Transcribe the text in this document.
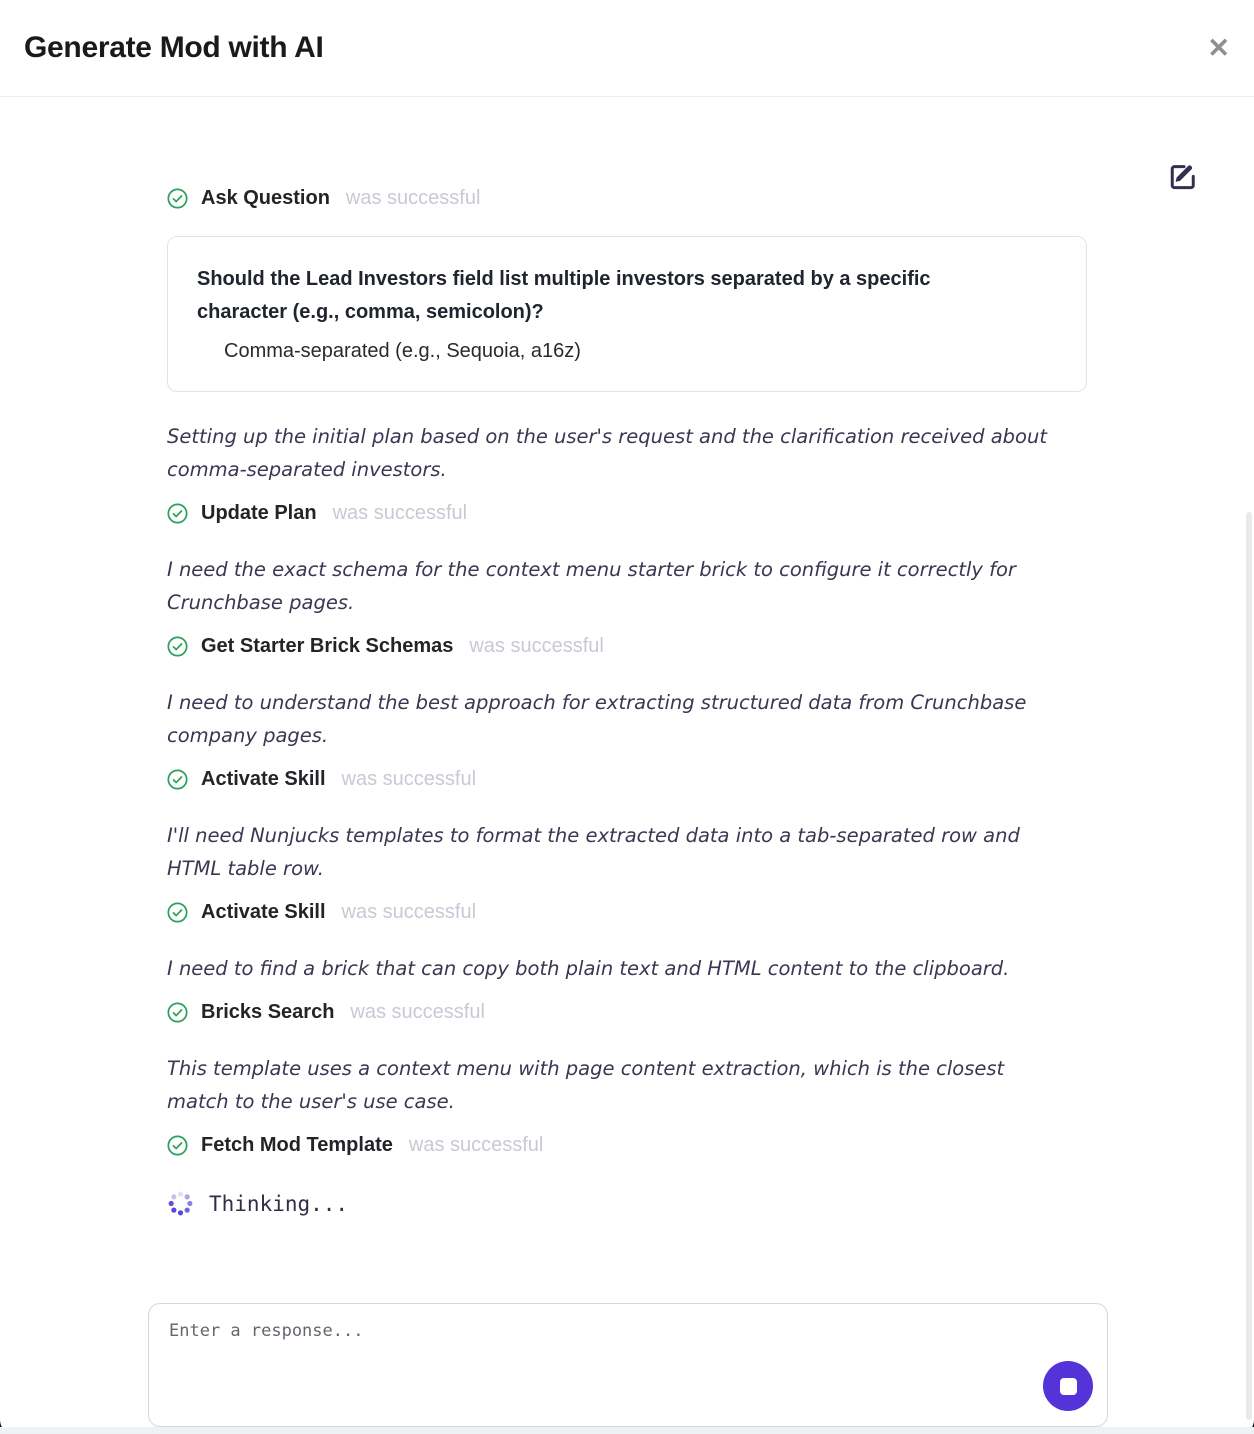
Generate Mod with AI	✕
Ask Question was successful
Should the Lead Investors field list multiple investors separated by a specific
character (e.g., comma, semicolon)?
Comma-separated (e.g., Sequoia, a16z)
Setting up the initial plan based on the user's request and the clarification received about
comma-separated investors.
Update Plan was successful
I need the exact schema for the context menu starter brick to configure it correctly for
Crunchbase pages.
Get Starter Brick Schemas was successful
I need to understand the best approach for extracting structured data from Crunchbase
company pages.
Activate Skill was successful
I'll need Nunjucks templates to format the extracted data into a tab-separated row and
HTML table row.
Activate Skill was successful
I need to find a brick that can copy both plain text and HTML content to the clipboard.
Bricks Search was successful
This template uses a context menu with page content extraction, which is the closest
match to the user's use case.
Fetch Mod Template was successful
Thinking...
Enter a response...
